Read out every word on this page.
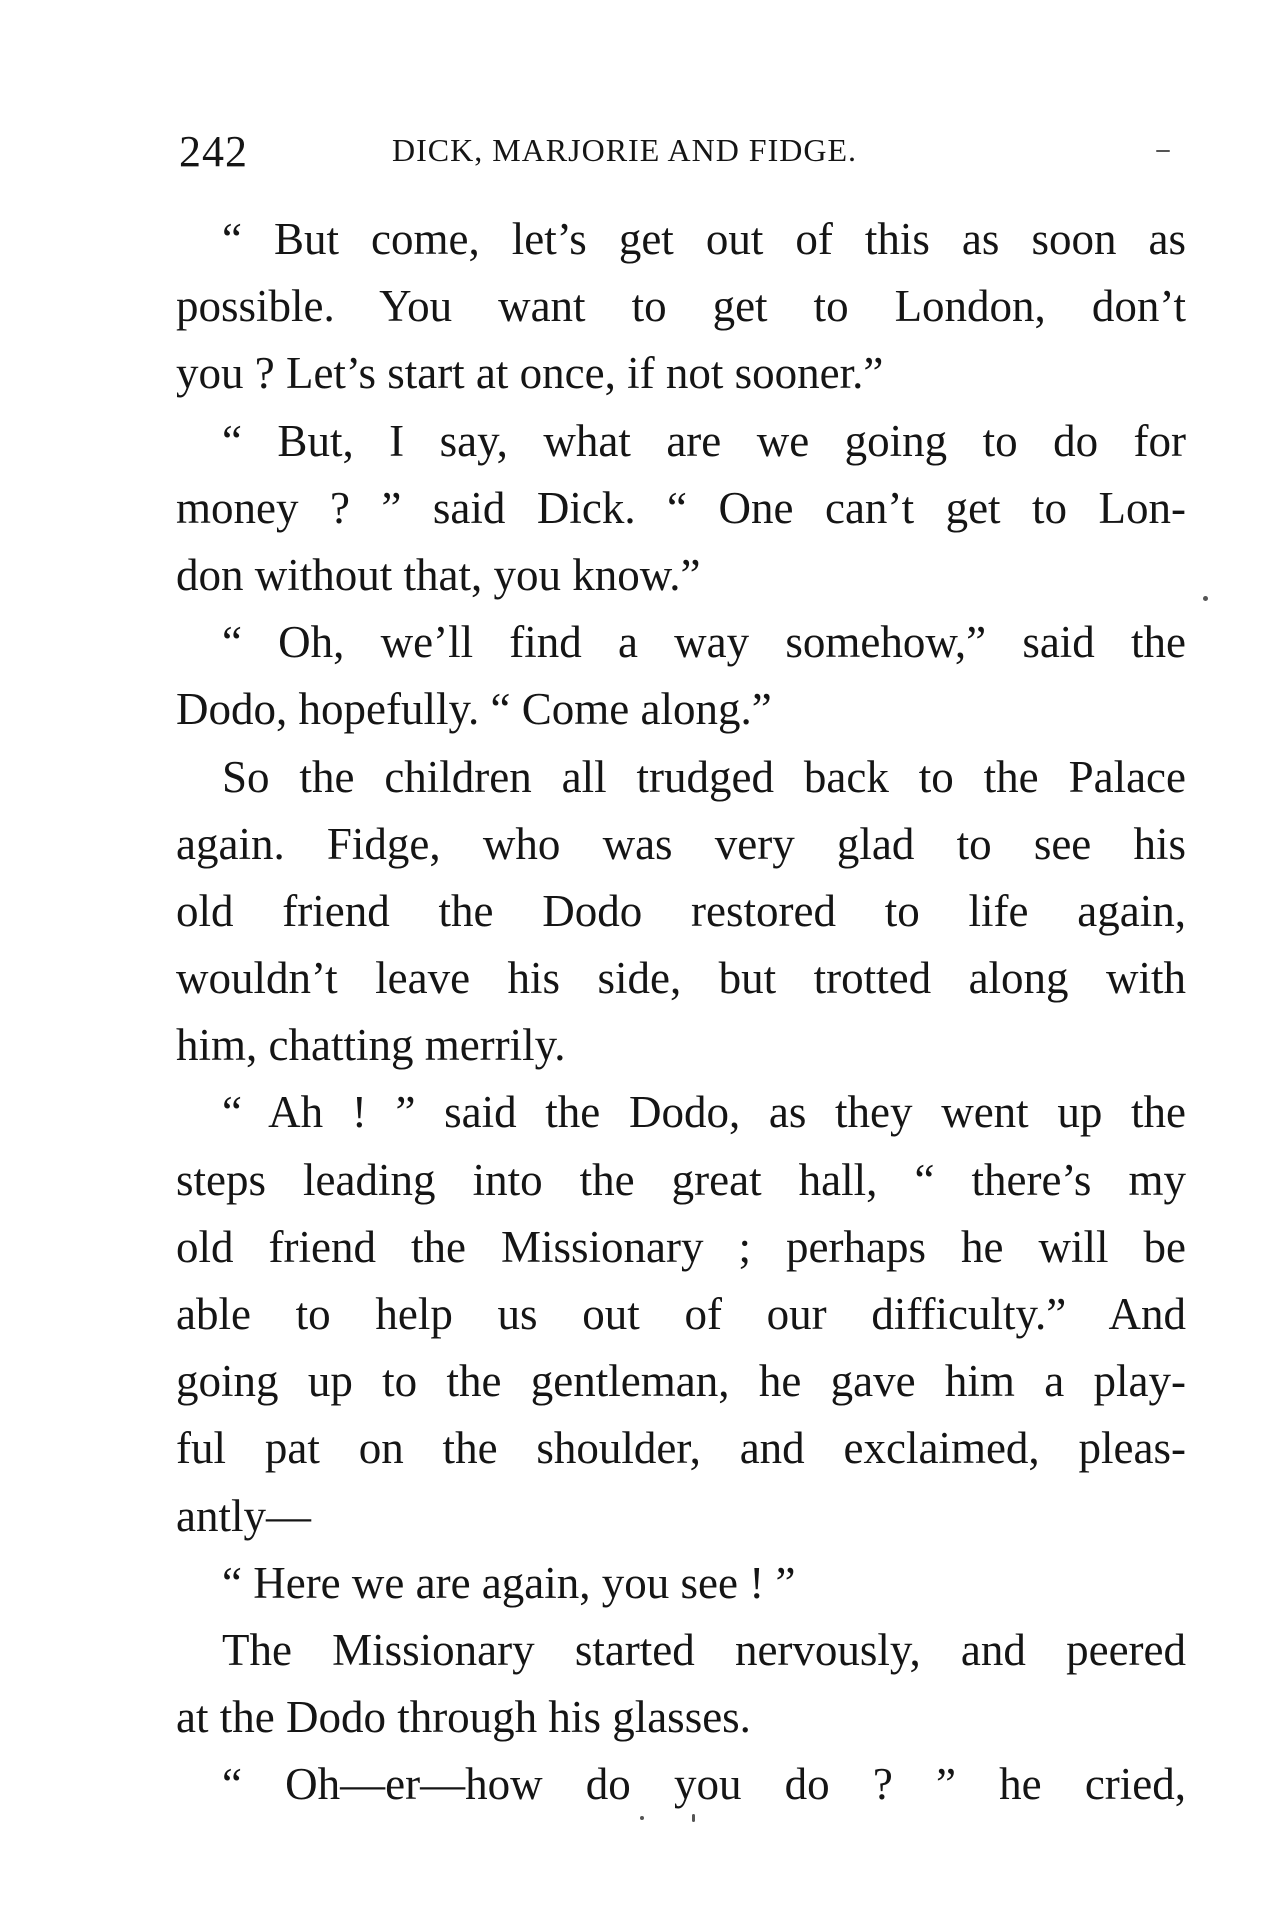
242	DICK, MARJORIE AND FIDGE.
“ But come, let’s get out of this as soon as
possible. You want to get to London, don’t
you ? Let’s start at once, if not sooner.”
“ But, I say, what are we going to do for
money ? ” said Dick. “ One can’t get to Lon-
don without that, you know.”
“ Oh, we’ll find a way somehow,” said the
Dodo, hopefully. “ Come along.”
So the children all trudged back to the Palace
again. Fidge, who was very glad to see his
old friend the Dodo restored to life again,
wouldn’t leave his side, but trotted along with
him, chatting merrily.
“ Ah ! ” said the Dodo, as they went up the
steps leading into the great hall, “ there’s my
old friend the Missionary ; perhaps he will be
able to help us out of our difficulty.” And
going up to the gentleman, he gave him a play-
ful pat on the shoulder, and exclaimed, pleas-
antly—
“ Here we are again, you see ! ”
The Missionary started nervously, and peered
at the Dodo through his glasses.
“ Oh—er—how do you do ? ” he cried,
